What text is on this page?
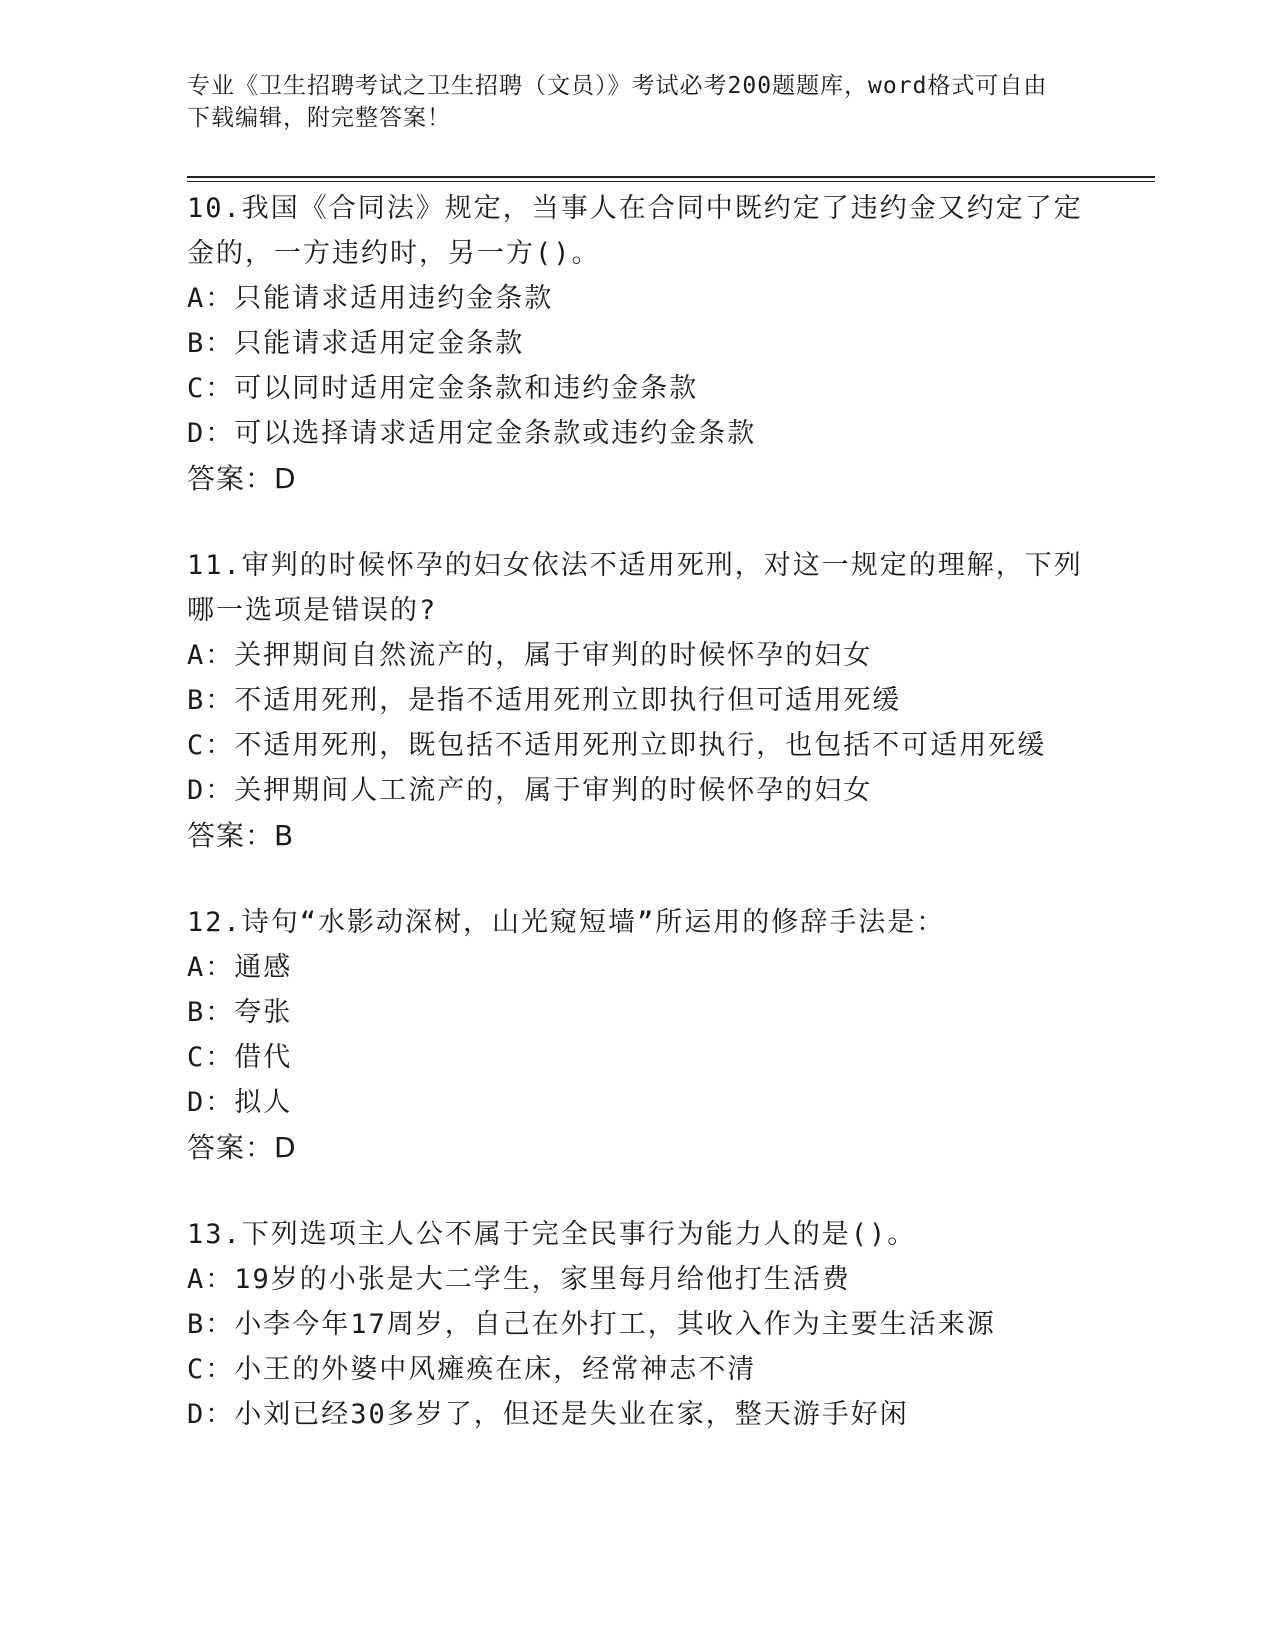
专业《卫生招聘考试之卫生招聘（文员）》考试必考200题题库，word格式可自由下载编辑，附完整答案！
10.我国《合同法》规定，当事人在合同中既约定了违约金又约定了定金的，一方违约时，另一方()。
A：只能请求适用违约金条款
B：只能请求适用定金条款
C：可以同时适用定金条款和违约金条款
D：可以选择请求适用定金条款或违约金条款
答案：D
11.审判的时候怀孕的妇女依法不适用死刑，对这一规定的理解，下列哪一选项是错误的?
A：关押期间自然流产的，属于审判的时候怀孕的妇女
B：不适用死刑，是指不适用死刑立即执行但可适用死缓
C：不适用死刑，既包括不适用死刑立即执行，也包括不可适用死缓
D：关押期间人工流产的，属于审判的时候怀孕的妇女
答案：B
12.诗句“水影动深树，山光窥短墙”所运用的修辞手法是：
A：通感
B：夸张
C：借代
D：拟人
答案：D
13.下列选项主人公不属于完全民事行为能力人的是()。
A：19岁的小张是大二学生，家里每月给他打生活费
B：小李今年17周岁，自己在外打工，其收入作为主要生活来源
C：小王的外婆中风瘫痪在床，经常神志不清
D：小刘已经30多岁了，但还是失业在家，整天游手好闲
